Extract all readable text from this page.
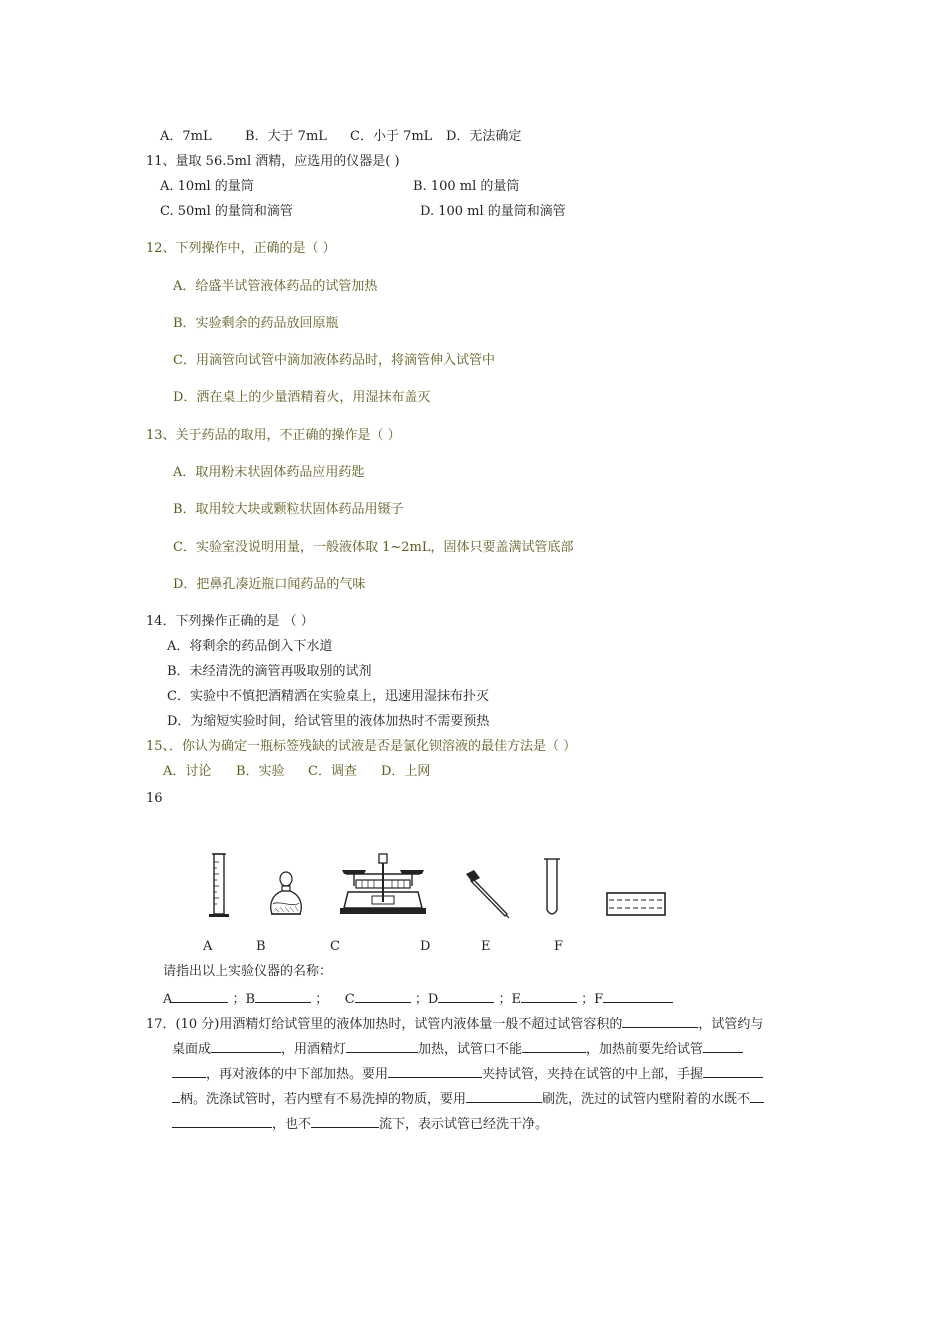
A．7mL	B．大于 7mL C．小于 7mL D．无法确定
11、量取 56.5ml 酒精，应选用的仪器是( )
A. 10ml 的量筒	B. 100 ml 的量筒
C. 50ml 的量筒和滴管	D. 100 ml 的量筒和滴管
12、下列操作中，正确的是（ ）
A．给盛半试管液体药品的试管加热
B．实验剩余的药品放回原瓶
C．用滴管向试管中滴加液体药品时，将滴管伸入试管中
D．洒在桌上的少量酒精着火，用湿抹布盖灭
13、关于药品的取用，不正确的操作是（ ）
A．取用粉末状固体药品应用药匙
B．取用较大块或颗粒状固体药品用镊子
C．实验室没说明用量，一般液体取 1~2mL，固体只要盖满试管底部
D．把鼻孔凑近瓶口闻药品的气味
14．下列操作正确的是 （ ）
A．将剩余的药品倒入下水道
B．未经清洗的滴管再吸取别的试剂
C．实验中不慎把酒精洒在实验桌上，迅速用湿抹布扑灭
D．为缩短实验时间，给试管里的液体加热时不需要预热
15、．你认为确定一瓶标签残缺的试液是否是氯化钡溶液的最佳方法是（ ）
A．讨论 B．实验 C．调查 D．上网
16
A	B	C	D	E	F
请指出以上实验仪器的名称：
A	；B	； C	；D	；E	；F
17．(10 分)用酒精灯给试管里的液体加热时，试管内液体量一般不超过试管容积的	，试管约与
桌面成	，用酒精灯	加热，试管口不能	，加热前要先给试管
，再对液体的中下部加热。要用	夹持试管，夹持在试管的中上部，手握
柄。洗涤试管时，若内壁有不易洗掉的物质，要用	刷洗，洗过的试管内壁附着的水既不
，也不	流下，表示试管已经洗干净。
